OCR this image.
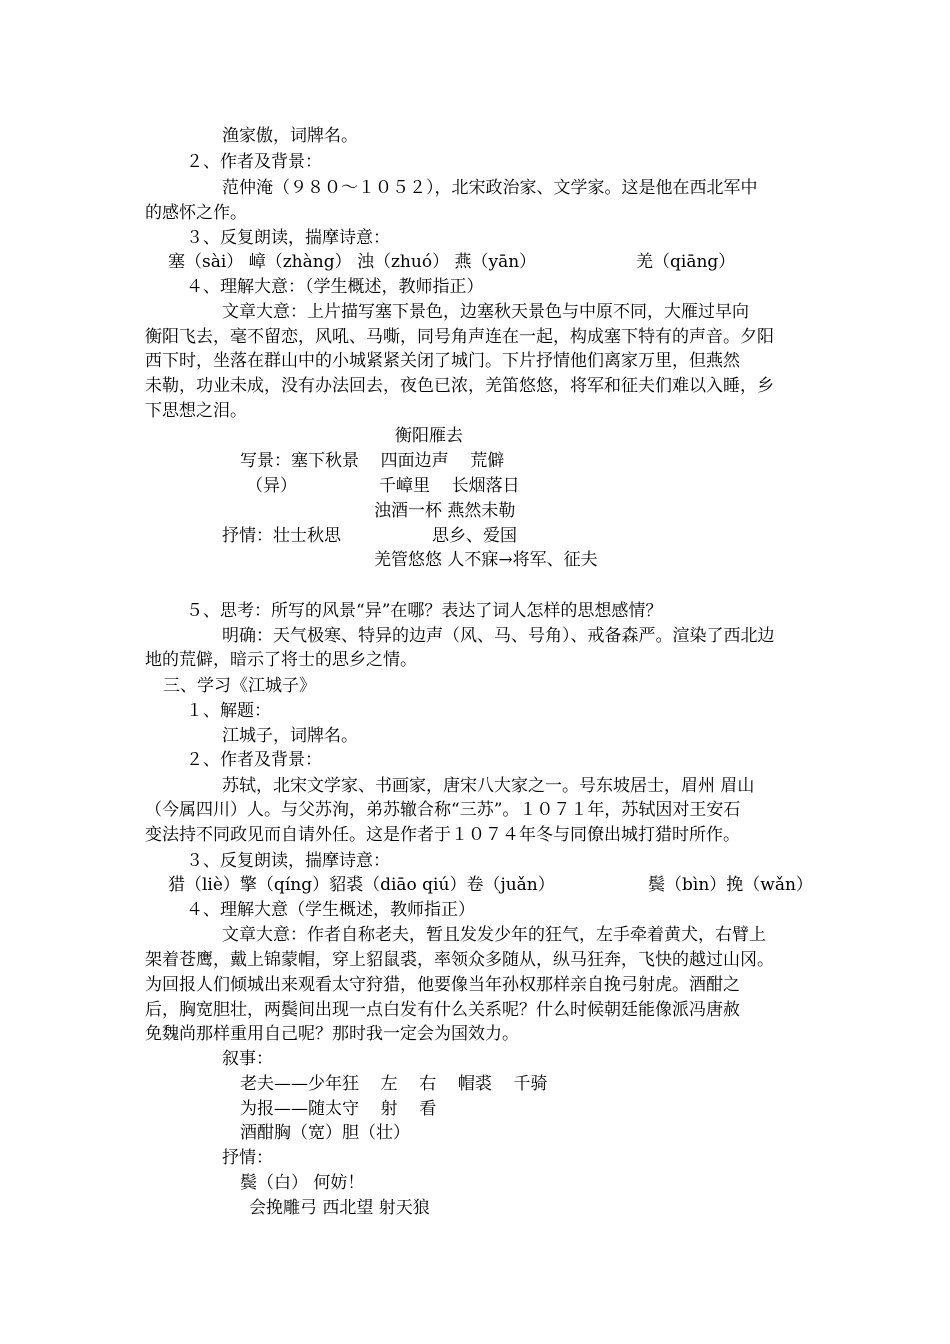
渔家傲，词牌名。

２、作者及背景：

范仲淹（９８０～１０５２），北宋政治家、文学家。这是他在西北军中

的感怀之作。

３、反复朗读，揣摩诗意：

塞（sài） 嶂（zhàng） 浊（zhuó） 燕（yān）	羌（qiāng）

４、理解大意：（学生概述，教师指正）

文章大意：上片描写塞下景色，边塞秋天景色与中原不同，大雁过早向

衡阳飞去，毫不留恋，风吼、马嘶，同号角声连在一起，构成塞下特有的声音。夕阳

西下时，坐落在群山中的小城紧紧关闭了城门。下片抒情他们离家万里，但燕然

未勒，功业未成，没有办法回去，夜色已浓，羌笛悠悠，将军和征夫们难以入睡，乡

下思想之泪。

衡阳雁去

写景：塞下秋景    四面边声    荒僻

（异）	千嶂里    长烟落日

浊酒一杯 燕然未勒

抒情：壮士秋思	思乡、爱国

羌管悠悠 人不寐→将军、征夫

５、思考：所写的风景“异”在哪？表达了词人怎样的思想感情？

明确：天气极寒、特异的边声（风、马、号角）、戒备森严。渲染了西北边

地的荒僻，暗示了将士的思乡之情。

三、学习《江城子》

１、解题：

江城子，词牌名。

２、作者及背景：

苏轼，北宋文学家、书画家，唐宋八大家之一。号东坡居士，眉州 眉山

（今属四川）人。与父苏洵，弟苏辙合称“三苏”。１０７１年，苏轼因对王安石

变法持不同政见而自请外任。这是作者于１０７４年冬与同僚出城打猎时所作。

３、反复朗读，揣摩诗意：

猎（liè）擎（qíng）貂裘（diāo qiú）卷（juǎn）	鬓（bìn）挽（wǎn）

４、理解大意（学生概述，教师指正）

文章大意：作者自称老夫，暂且发发少年的狂气，左手牵着黄犬，右臂上

架着苍鹰，戴上锦蒙帽，穿上貂鼠裘，率领众多随从，纵马狂奔，飞快的越过山冈。

为回报人们倾城出来观看太守狩猎，他要像当年孙权那样亲自挽弓射虎。酒酣之

后，胸宽胆壮，两鬓间出现一点白发有什么关系呢？什么时候朝廷能像派冯唐赦

免魏尚那样重用自己呢？那时我一定会为国效力。

叙事：

老夫——少年狂    左    右    帽裘    千骑

为报——随太守    射    看

酒酣胸（宽）胆（壮）

抒情：

鬓（白） 何妨！

会挽雕弓 西北望 射天狼
